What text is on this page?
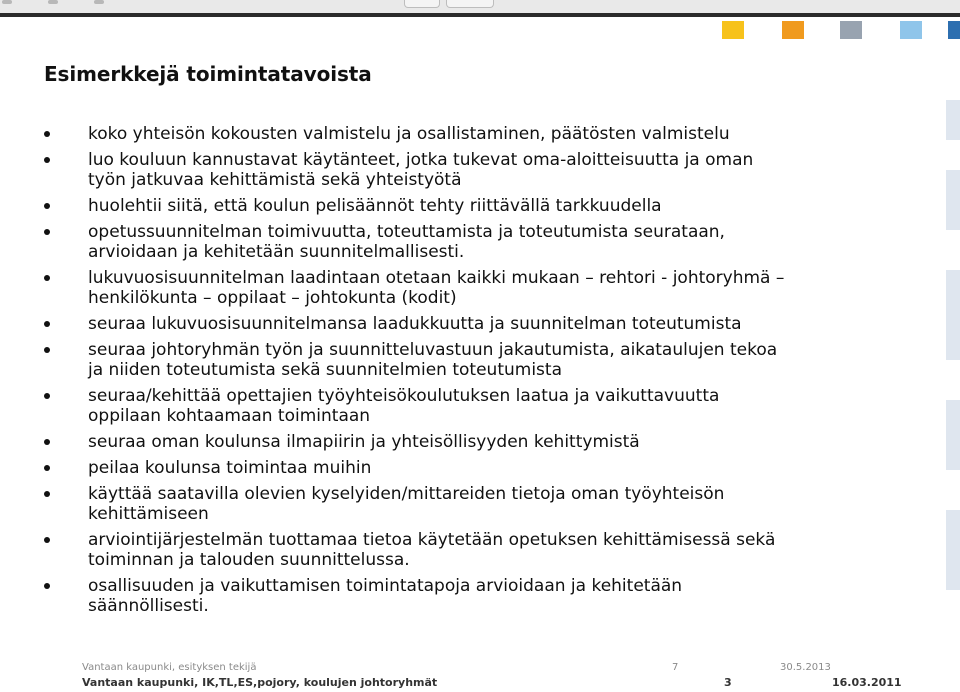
Esimerkkejä toimintatavoista
koko yhteisön kokousten valmistelu ja osallistaminen, päätösten valmistelu
luo kouluun kannustavat käytänteet, jotka tukevat oma-aloitteisuutta ja oman
työn jatkuvaa kehittämistä sekä yhteistyötä
huolehtii siitä, että koulun pelisäännöt tehty riittävällä tarkkuudella
opetussuunnitelman toimivuutta, toteuttamista ja toteutumista seurataan,
arvioidaan ja kehitetään suunnitelmallisesti.
lukuvuosisuunnitelman laadintaan otetaan kaikki mukaan – rehtori - johtoryhmä –
henkilökunta – oppilaat – johtokunta (kodit)
seuraa lukuvuosisuunnitelmansa laadukkuutta ja suunnitelman toteutumista
seuraa johtoryhmän työn ja suunnitteluvastuun jakautumista, aikataulujen tekoa
ja niiden toteutumista sekä suunnitelmien toteutumista
seuraa/kehittää opettajien työyhteisökoulutuksen laatua ja vaikuttavuutta
oppilaan kohtaamaan toimintaan
seuraa oman koulunsa ilmapiirin ja yhteisöllisyyden kehittymistä
peilaa koulunsa toimintaa muihin
käyttää saatavilla olevien kyselyiden/mittareiden tietoja oman työyhteisön
kehittämiseen
arviointijärjestelmän tuottamaa tietoa käytetään opetuksen kehittämisessä sekä
toiminnan ja talouden suunnittelussa.
osallisuuden ja vaikuttamisen toimintatapoja arvioidaan ja kehitetään
säännöllisesti.
Vantaan kaupunki, esityksen tekijä	7	30.5.2013
Vantaan kaupunki, IK,TL,ES,pojory, koulujen johtoryhmät	3	16.03.2011
